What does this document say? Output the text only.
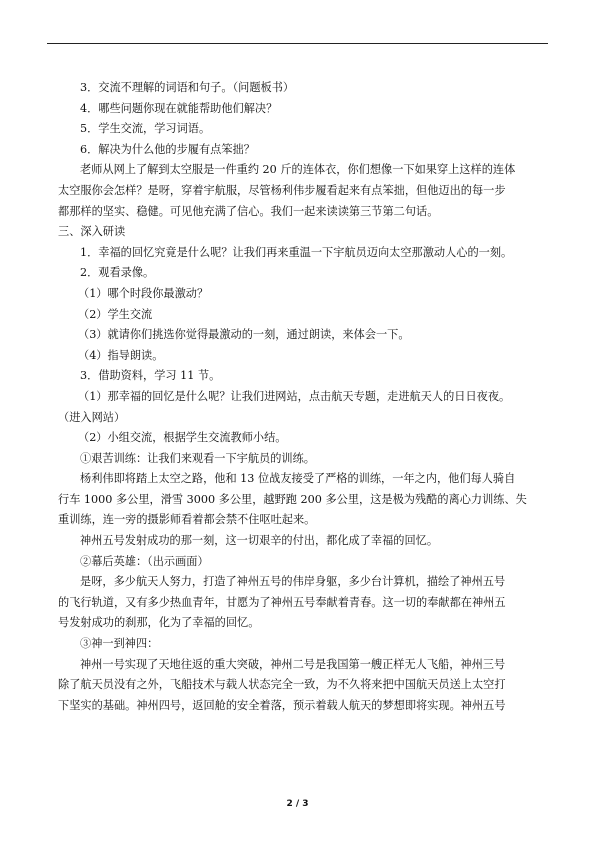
3．交流不理解的词语和句子。（问题板书）
4．哪些问题你现在就能帮助他们解决？
5．学生交流，学习词语。
6．解决为什么他的步履有点笨拙？
老师从网上了解到太空服是一件重约 20 斤的连体衣，你们想像一下如果穿上这样的连体
太空服你会怎样？是呀，穿着宇航服，尽管杨利伟步履看起来有点笨拙，但他迈出的每一步
都那样的坚实、稳健。可见他充满了信心。我们一起来读读第三节第二句话。
三、深入研读
1．幸福的回忆究竟是什么呢？让我们再来重温一下宇航员迈向太空那激动人心的一刻。
2．观看录像。
（1）哪个时段你最激动？
（2）学生交流
（3）就请你们挑选你觉得最激动的一刻，通过朗读，来体会一下。
（4）指导朗读。
3．借助资料，学习 11 节。
（1）那幸福的回忆是什么呢？让我们进网站，点击航天专题，走进航天人的日日夜夜。
（进入网站）
（2）小组交流，根据学生交流教师小结。
①艰苦训练：让我们来观看一下宇航员的训练。
杨利伟即将踏上太空之路，他和 13 位战友接受了严格的训练，一年之内，他们每人骑自
行车 1000 多公里，滑雪 3000 多公里，越野跑 200 多公里，这是极为残酷的离心力训练、失
重训练，连一旁的摄影师看着都会禁不住呕吐起来。
神州五号发射成功的那一刻，这一切艰辛的付出，都化成了幸福的回忆。
②幕后英雄：（出示画面）
是呀，多少航天人努力，打造了神州五号的伟岸身躯，多少台计算机，描绘了神州五号
的飞行轨道，又有多少热血青年，甘愿为了神州五号奉献着青春。这一切的奉献都在神州五
号发射成功的刹那，化为了幸福的回忆。
③神一到神四：
神州一号实现了天地往返的重大突破，神州二号是我国第一艘正样无人飞船，神州三号
除了航天员没有之外，飞船技术与载人状态完全一致，为不久将来把中国航天员送上太空打
下坚实的基础。神州四号，返回舱的安全着落，预示着载人航天的梦想即将实现。神州五号
2 / 3
